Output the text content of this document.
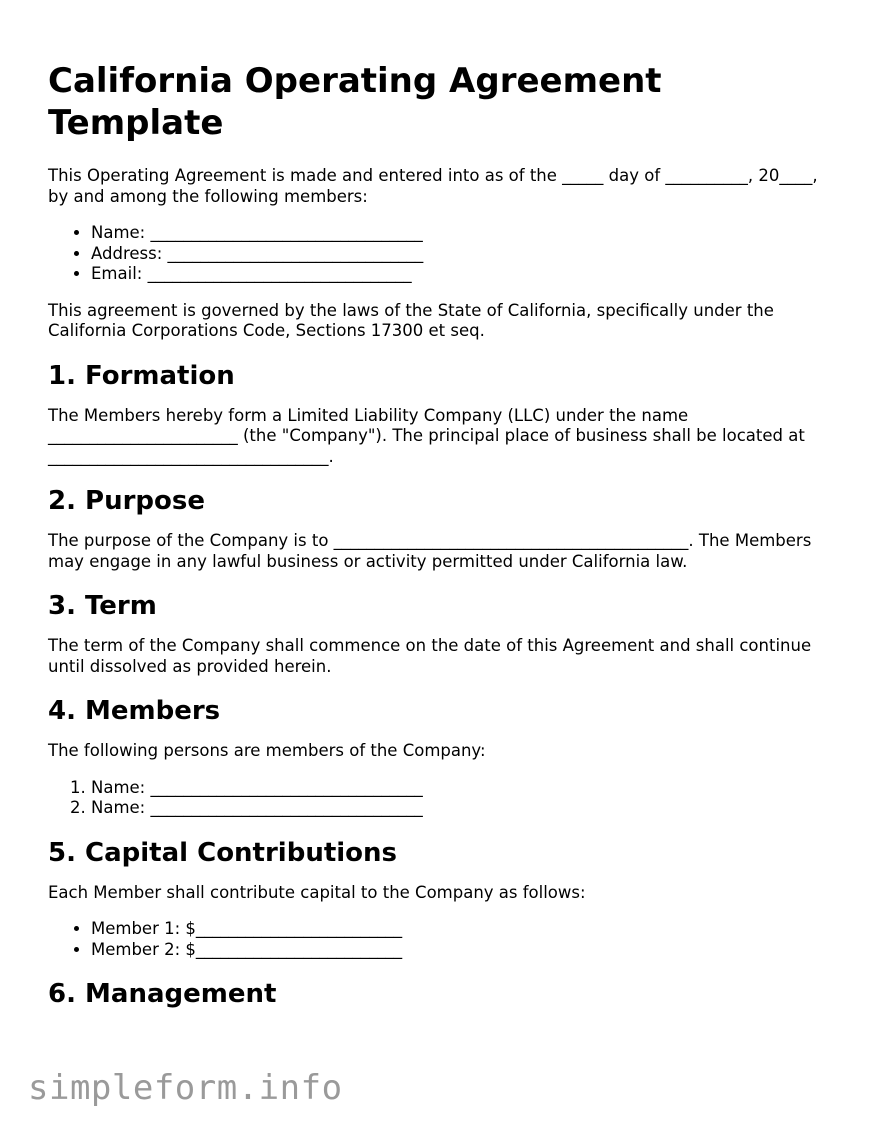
California Operating Agreement Template

This Operating Agreement is made and entered into as of the _____ day of __________, 20____, by and among the following members:

• Name: _________________________________
• Address: _______________________________
• Email: ________________________________

This agreement is governed by the laws of the State of California, specifically under the California Corporations Code, Sections 17300 et seq.

1. Formation

The Members hereby form a Limited Liability Company (LLC) under the name _______________________ (the "Company"). The principal place of business shall be located at __________________________________.

2. Purpose

The purpose of the Company is to ___________________________________________. The Members may engage in any lawful business or activity permitted under California law.

3. Term

The term of the Company shall commence on the date of this Agreement and shall continue until dissolved as provided herein.

4. Members

The following persons are members of the Company:

1. Name: _________________________________
2. Name: _________________________________
5. Capital Contributions

Each Member shall contribute capital to the Company as follows:

• Member 1: $_________________________
• Member 2: $_________________________
6. Management
simpleform.info
